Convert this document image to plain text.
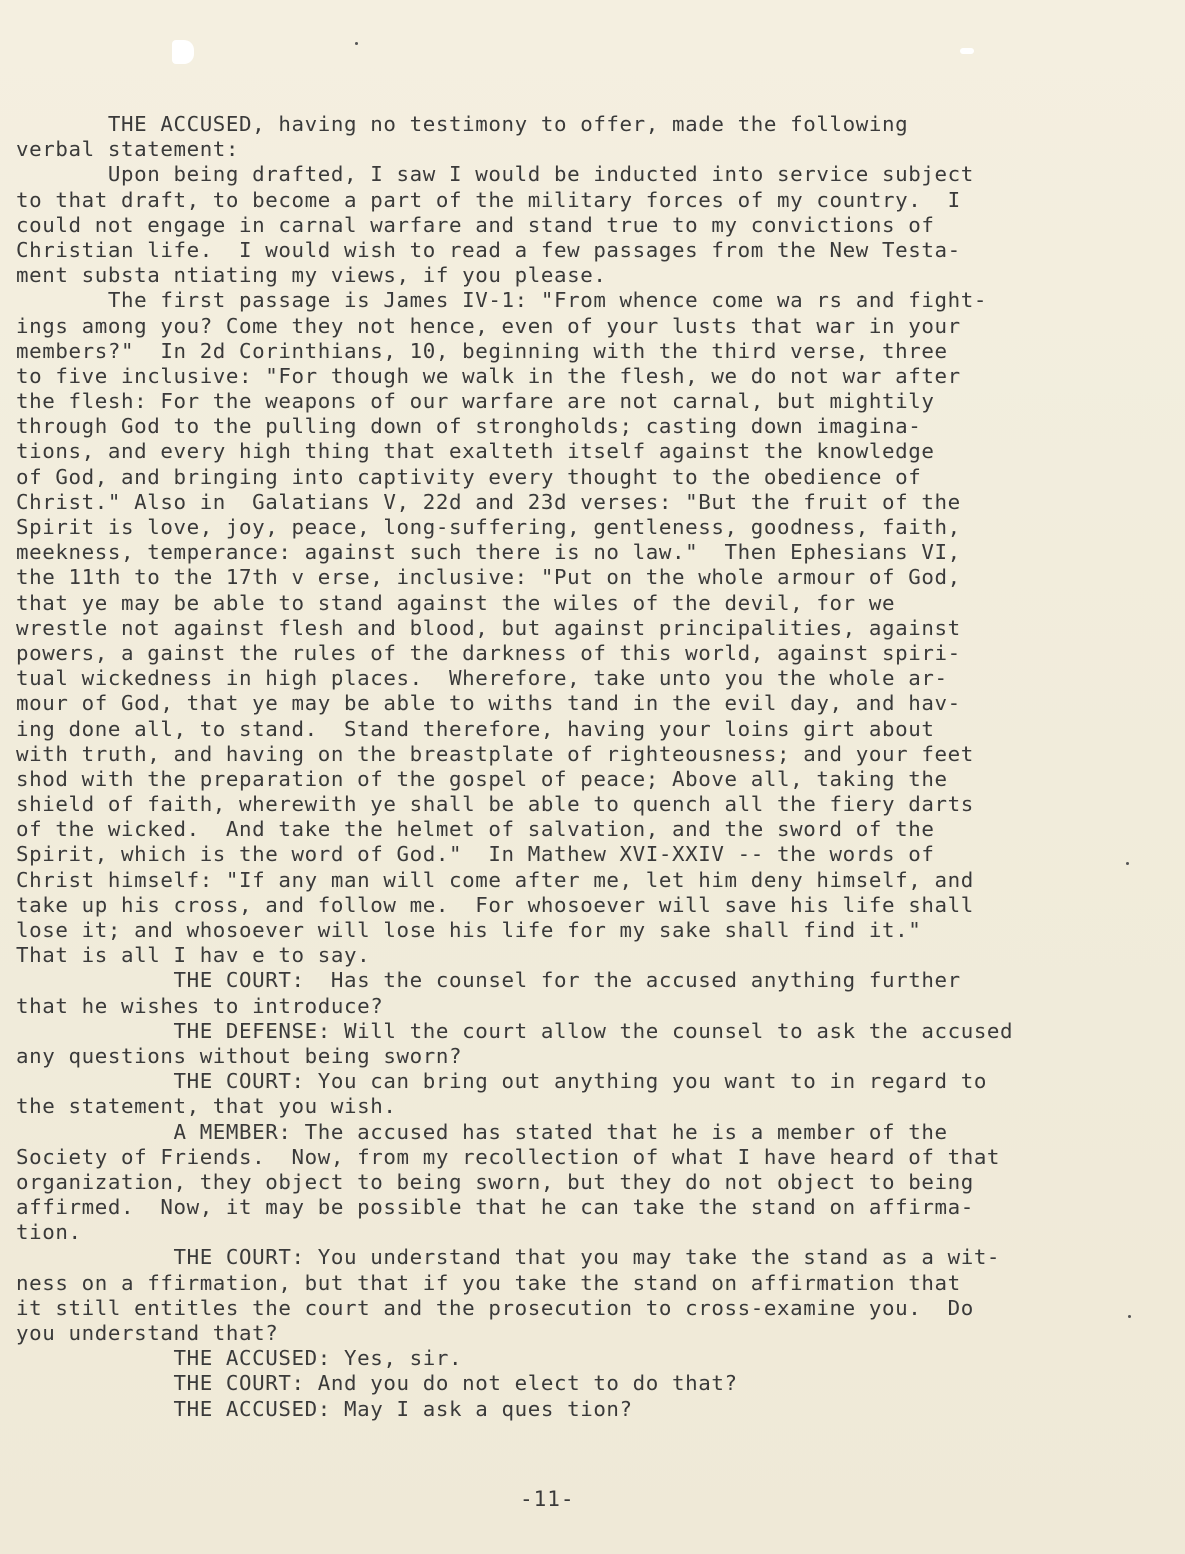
THE ACCUSED, having no testimony to offer, made the following
verbal statement:
Upon being drafted, I saw I would be inducted into service subject
to that draft, to become a part of the military forces of my country.  I
could not engage in carnal warfare and stand true to my convictions of
Christian life.  I would wish to read a few passages from the New Testa-
ment substa ntiating my views, if you please.
The first passage is James IV-1: "From whence come wa rs and fight-
ings among you? Come they not hence, even of your lusts that war in your
members?"  In 2d Corinthians, 10, beginning with the third verse, three
to five inclusive: "For though we walk in the flesh, we do not war after
the flesh: For the weapons of our warfare are not carnal, but mightily
through God to the pulling down of strongholds; casting down imagina-
tions, and every high thing that exalteth itself against the knowledge
of God, and bringing into captivity every thought to the obedience of
Christ." Also in  Galatians V, 22d and 23d verses: "But the fruit of the
Spirit is love, joy, peace, long-suffering, gentleness, goodness, faith,
meekness, temperance: against such there is no law."  Then Ephesians VI,
the 11th to the 17th v erse, inclusive: "Put on the whole armour of God,
that ye may be able to stand against the wiles of the devil, for we
wrestle not against flesh and blood, but against principalities, against
powers, a gainst the rules of the darkness of this world, against spiri-
tual wickedness in high places.  Wherefore, take unto you the whole ar-
mour of God, that ye may be able to withs tand in the evil day, and hav-
ing done all, to stand.  Stand therefore, having your loins girt about
with truth, and having on the breastplate of righteousness; and your feet
shod with the preparation of the gospel of peace; Above all, taking the
shield of faith, wherewith ye shall be able to quench all the fiery darts
of the wicked.  And take the helmet of salvation, and the sword of the
Spirit, which is the word of God."  In Mathew XVI-XXIV -- the words of
Christ himself: "If any man will come after me, let him deny himself, and
take up his cross, and follow me.  For whosoever will save his life shall
lose it; and whosoever will lose his life for my sake shall find it."
That is all I hav e to say.
THE COURT:  Has the counsel for the accused anything further
that he wishes to introduce?
THE DEFENSE: Will the court allow the counsel to ask the accused
any questions without being sworn?
THE COURT: You can bring out anything you want to in regard to
the statement, that you wish.
A MEMBER: The accused has stated that he is a member of the
Society of Friends.  Now, from my recollection of what I have heard of that
organization, they object to being sworn, but they do not object to being
affirmed.  Now, it may be possible that he can take the stand on affirma-
tion.
THE COURT: You understand that you may take the stand as a wit-
ness on a ffirmation, but that if you take the stand on affirmation that
it still entitles the court and the prosecution to cross-examine you.  Do
you understand that?
THE ACCUSED: Yes, sir.
THE COURT: And you do not elect to do that?
THE ACCUSED: May I ask a ques tion?
-11-
